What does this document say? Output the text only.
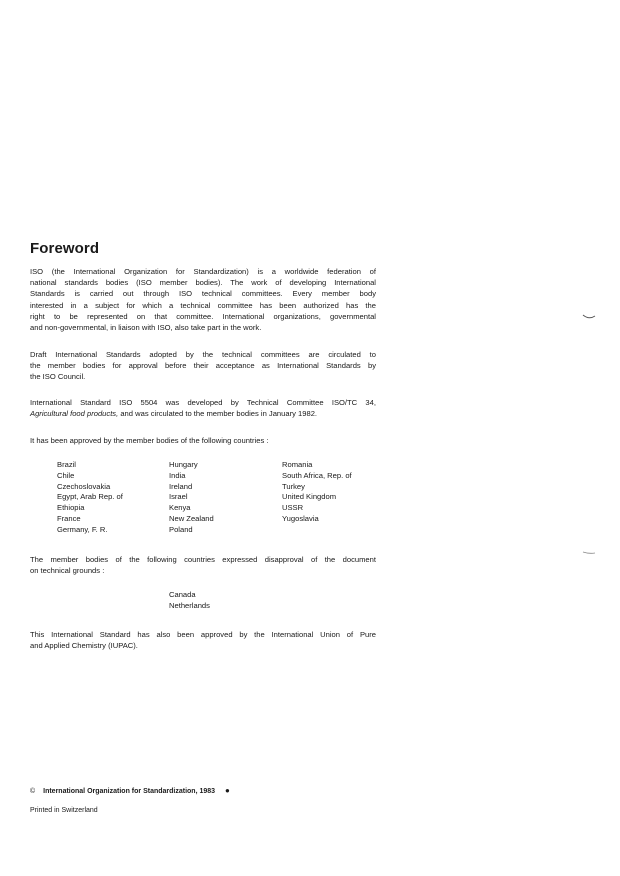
Foreword

ISO (the International Organization for Standardization) is a worldwide federation of
national standards bodies (ISO member bodies). The work of developing International
Standards is carried out through ISO technical committees. Every member body
interested in a subject for which a technical committee has been authorized has the
right to be represented on that committee. International organizations, governmental
and non-governmental, in liaison with ISO, also take part in the work.

Draft International Standards adopted by the technical committees are circulated to
the member bodies for approval before their acceptance as International Standards by
the ISO Council.

International Standard ISO 5504 was developed by Technical Committee ISO/TC 34,
Agricultural food products, and was circulated to the member bodies in January 1982.

It has been approved by the member bodies of the following countries :

Brazil
Chile
Czechoslovakia
Egypt, Arab Rep. of
Ethiopia
France
Germany, F. R.
Hungary
India
Ireland
Israel
Kenya
New Zealand
Poland
Romania
South Africa, Rep. of
Turkey
United Kingdom
USSR
Yugoslavia

The member bodies of the following countries expressed disapproval of the document
on technical grounds :

Canada
Netherlands

This International Standard has also been approved by the International Union of Pure
and Applied Chemistry (IUPAC).

© International Organization for Standardization, 1983 ●
Printed in Switzerland
